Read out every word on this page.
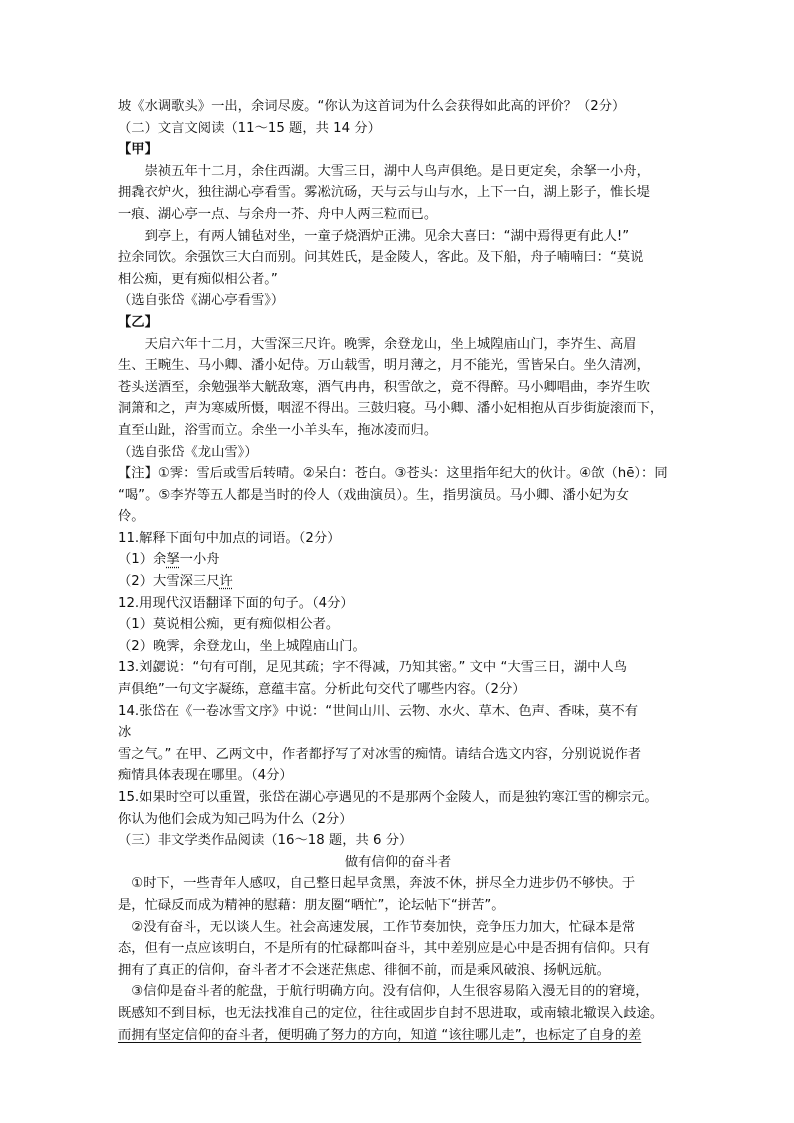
坡《水调歌头》一出，余词尽废。“你认为这首词为什么会获得如此高的评价？（2分）
（二）文言文阅读（11～15 题，共 14 分）
【甲】
崇祯五年十二月，余住西湖。大雪三日，湖中人鸟声俱绝。是日更定矣，余拏一小舟，
拥毳衣炉火，独往湖心亭看雪。雾凇沆砀，天与云与山与水，上下一白，湖上影子，惟长堤
一痕、湖心亭一点、与余舟一芥、舟中人两三粒而已。
到亭上，有两人铺毡对坐，一童子烧酒炉正沸。见余大喜曰：“湖中焉得更有此人!”
拉余同饮。余强饮三大白而别。问其姓氏，是金陵人，客此。及下船，舟子喃喃曰：“莫说
相公痴，更有痴似相公者。”
（选自张岱《湖心亭看雪》）
【乙】
天启六年十二月，大雪深三尺许。晚霁，余登龙山，坐上城隍庙山门，李岕生、高眉
生、王畹生、马小卿、潘小妃侍。万山载雪，明月薄之，月不能光，雪皆呆白。坐久清冽，
苍头送酒至，余勉强举大觥敌寒，酒气冉冉，积雪欱之，竟不得醉。马小卿唱曲，李岕生吹
洞箫和之，声为寒威所慑，咽涩不得出。三鼓归寝。马小卿、潘小妃相抱从百步街旋滚而下，
直至山趾，浴雪而立。余坐一小羊头车，拖冰凌而归。
（选自张岱《龙山雪》）
【注】①霁：雪后或雪后转晴。②呆白：苍白。③苍头：这里指年纪大的伙计。④欱（hē）：同
“喝”。⑤李岕等五人都是当时的伶人（戏曲演员）。生，指男演员。马小卿、潘小妃为女
伶。
11.解释下面句中加点的词语。（2分）
（1）余拏一小舟
（2）大雪深三尺许
12.用现代汉语翻译下面的句子。（4分）
（1）莫说相公痴，更有痴似相公者。
（2）晚霁，余登龙山，坐上城隍庙山门。
13.刘勰说：“句有可削，足见其疏；字不得减，乃知其密。” 文中 “大雪三日，湖中人鸟
声俱绝”一句文字凝练，意蕴丰富。分析此句交代了哪些内容。（2分）
14.张岱在《一卷冰雪文序》中说：“世间山川、云物、水火、草木、色声、香味，莫不有
冰
雪之气。” 在甲、乙两文中，作者都抒写了对冰雪的痴情。请结合选文内容，分别说说作者
痴情具体表现在哪里。（4分）
15.如果时空可以重置，张岱在湖心亭遇见的不是那两个金陵人，而是独钓寒江雪的柳宗元。
你认为他们会成为知己吗为什么（2分）
（三）非文学类作品阅读（16～18 题，共 6 分）
做有信仰的奋斗者
①时下，一些青年人感叹，自己整日起早贪黑，奔波不休，拼尽全力进步仍不够快。于
是，忙碌反而成为精神的慰藉：朋友圈“晒忙”，论坛帖下“拼苦”。
②没有奋斗，无以谈人生。社会高速发展，工作节奏加快，竞争压力加大，忙碌本是常
态，但有一点应该明白，不是所有的忙碌都叫奋斗，其中差别应是心中是否拥有信仰。只有
拥有了真正的信仰，奋斗者才不会迷茫焦虑、徘徊不前，而是乘风破浪、扬帆远航。
③信仰是奋斗者的舵盘，于航行明确方向。没有信仰，人生很容易陷入漫无目的的窘境，
既感知不到目标，也无法找准自己的定位，往往或固步自封不思进取，或南辕北辙误入歧途。
而拥有坚定信仰的奋斗者，便明确了努力的方向，知道 “该往哪儿走”，也标定了自身的差
